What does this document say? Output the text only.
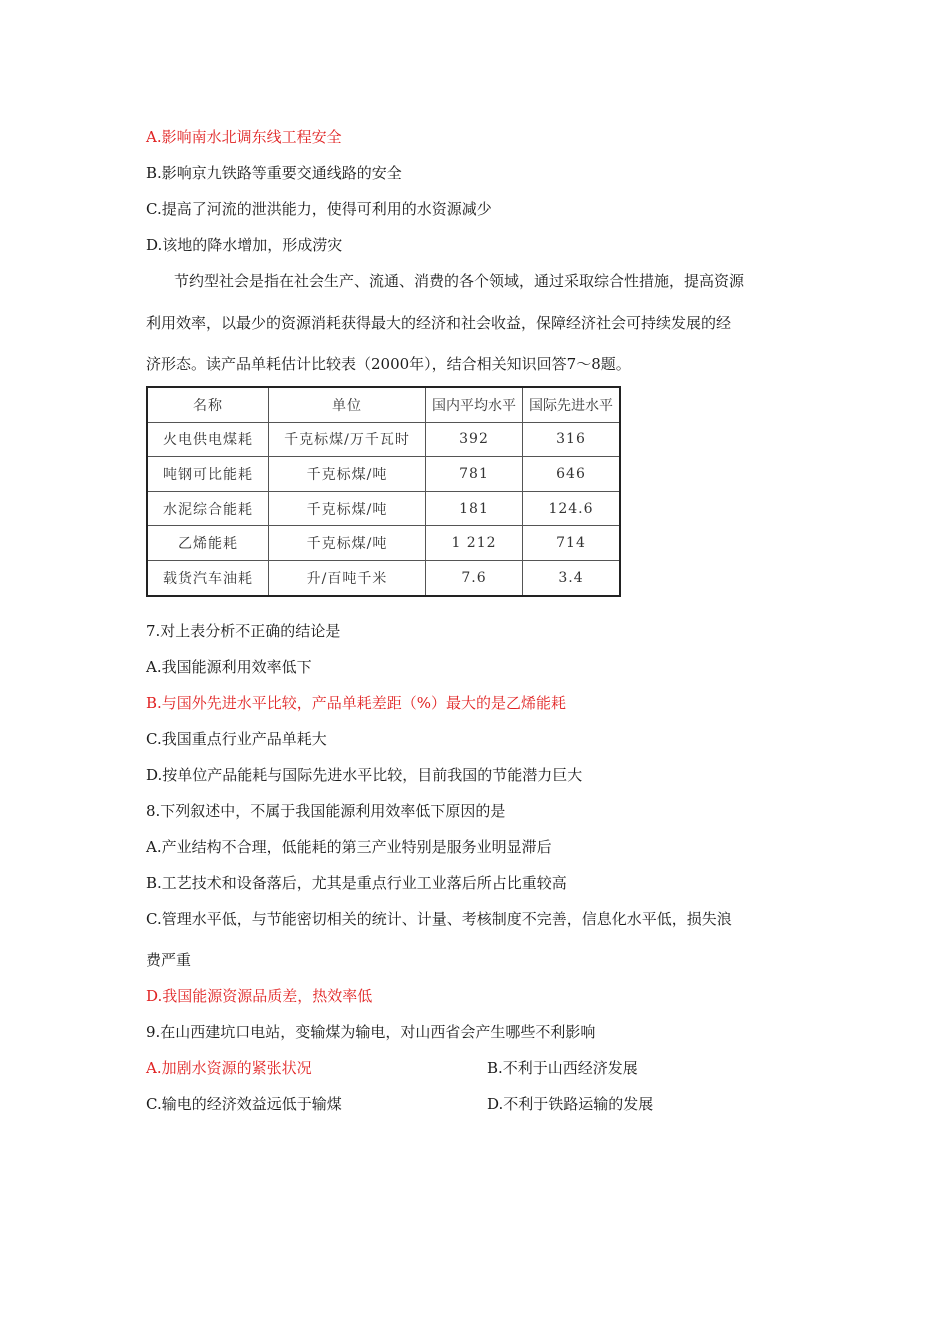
A.影响南水北调东线工程安全
B.影响京九铁路等重要交通线路的安全
C.提高了河流的泄洪能力，使得可利用的水资源减少
D.该地的降水增加，形成涝灾
节约型社会是指在社会生产、流通、消费的各个领域，通过采取综合性措施，提高资源
利用效率，以最少的资源消耗获得最大的经济和社会收益，保障经济社会可持续发展的经
济形态。读产品单耗估计比较表（2000年），结合相关知识回答7～8题。
名称	单位	国内平均水平	国际先进水平
火电供电煤耗	千克标煤/万千瓦时	392	316
吨钢可比能耗	千克标煤/吨	781	646
水泥综合能耗	千克标煤/吨	181	124.6
乙烯能耗	千克标煤/吨	1 212	714
载货汽车油耗	升/百吨千米	7.6	3.4
7.对上表分析不正确的结论是
A.我国能源利用效率低下
B.与国外先进水平比较，产品单耗差距（%）最大的是乙烯能耗
C.我国重点行业产品单耗大
D.按单位产品能耗与国际先进水平比较，目前我国的节能潜力巨大
8.下列叙述中，不属于我国能源利用效率低下原因的是
A.产业结构不合理，低能耗的第三产业特别是服务业明显滞后
B.工艺技术和设备落后，尤其是重点行业工业落后所占比重较高
C.管理水平低，与节能密切相关的统计、计量、考核制度不完善，信息化水平低，损失浪
费严重
D.我国能源资源品质差，热效率低
9.在山西建坑口电站，变输煤为输电，对山西省会产生哪些不利影响
A.加剧水资源的紧张状况	B.不利于山西经济发展
C.输电的经济效益远低于输煤	D.不利于铁路运输的发展
